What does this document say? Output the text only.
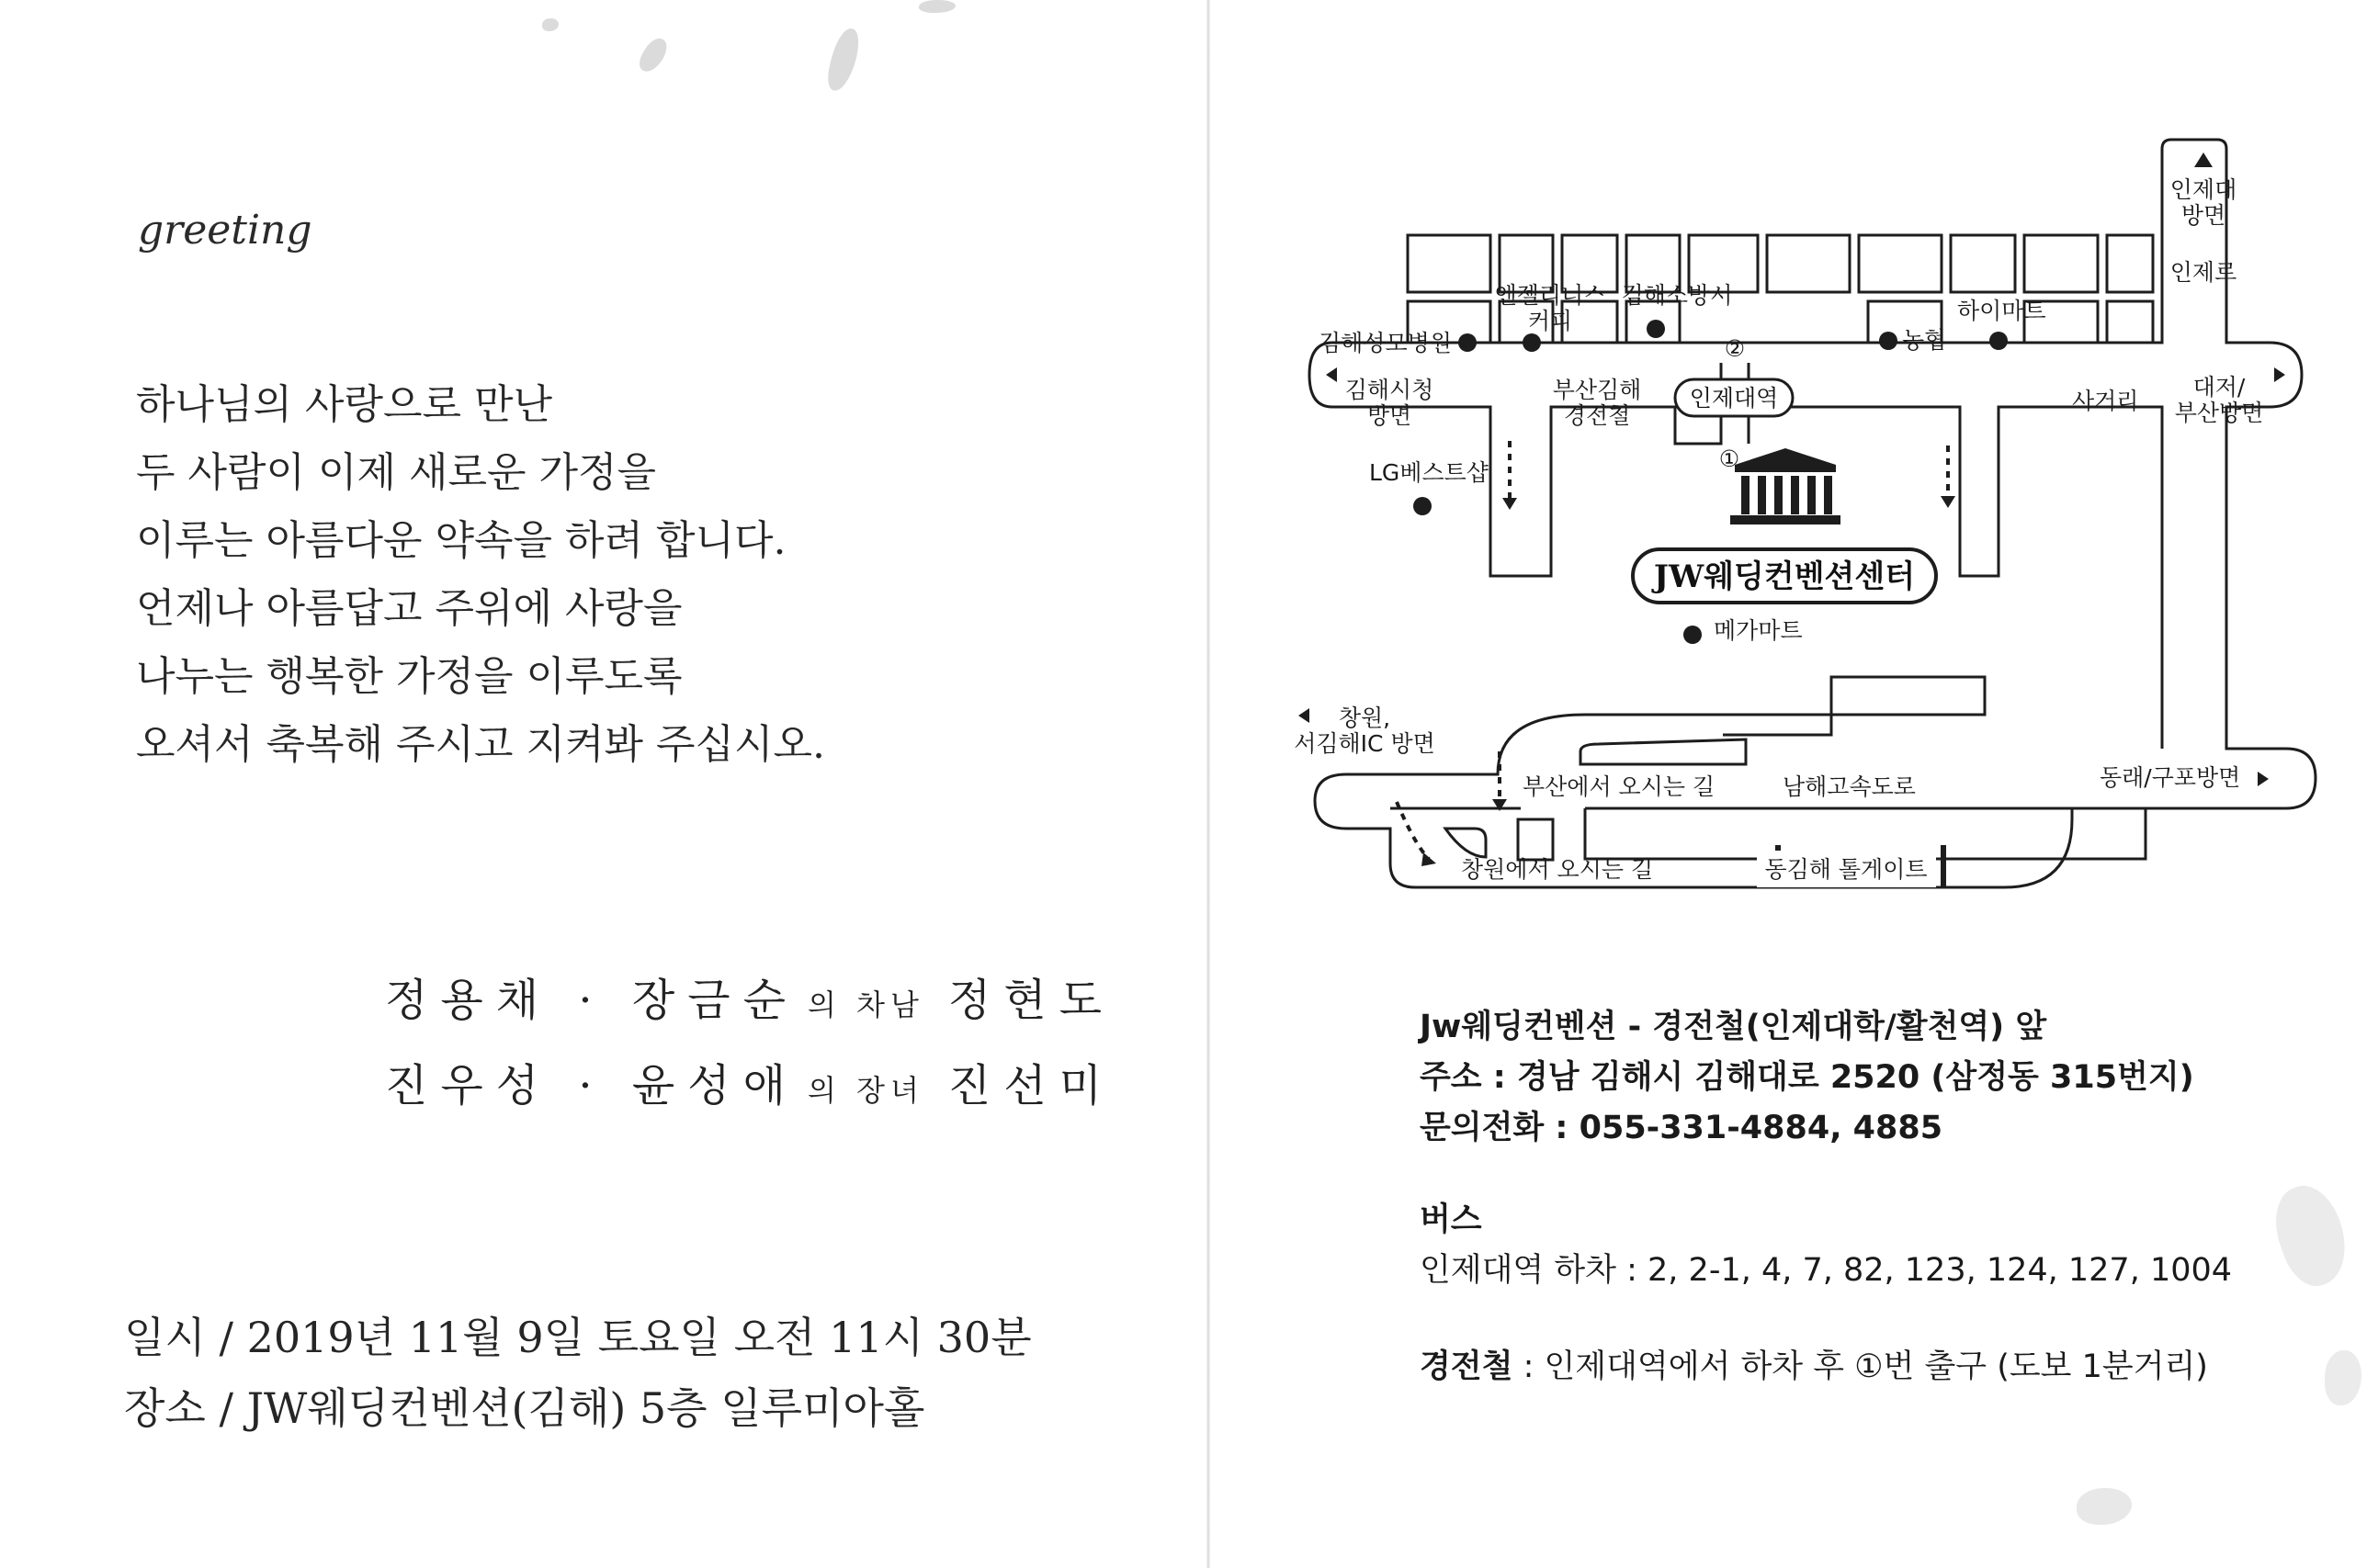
greeting
하나님의 사랑으로 만난
두 사람이 이제 새로운 가정을
이루는 아름다운 약속을 하려 합니다.
언제나 아름답고 주위에 사랑을
나누는 행복한 가정을 이루도록
오셔서 축복해 주시고 지켜봐 주십시오.
정용채 · 장금순 의 차남 정현도
진우성 · 윤성애 의 장녀 진선미
일시 / 2019년 11월 9일 토요일 오전 11시 30분
장소 / JW웨딩컨벤션(김해) 5층 일루미아홀
JW웨딩컨벤션센터
인제대역
인제대 방면
인제로
엔젤리너스 커피
김해소방서
김해성모병원	농협
하이마트
김해시청 방면
부산김해 경전철
사거리
대저/ 부산방면
LG베스트샵
메가마트
창원, 서김해IC 방면
부산에서 오시는 길	남해고속도로	동래/구포방면
창원에서 오시는 길	동김해 톨게이트
②
①
Jw웨딩컨벤션 - 경전철(인제대학/활천역) 앞
주소 : 경남 김해시 김해대로 2520 (삼정동 315번지)
문의전화 : 055-331-4884, 4885
버스
인제대역 하차 : 2, 2-1, 4, 7, 82, 123, 124, 127, 1004
경전철 : 인제대역에서 하차 후 ①번 출구 (도보 1분거리)
